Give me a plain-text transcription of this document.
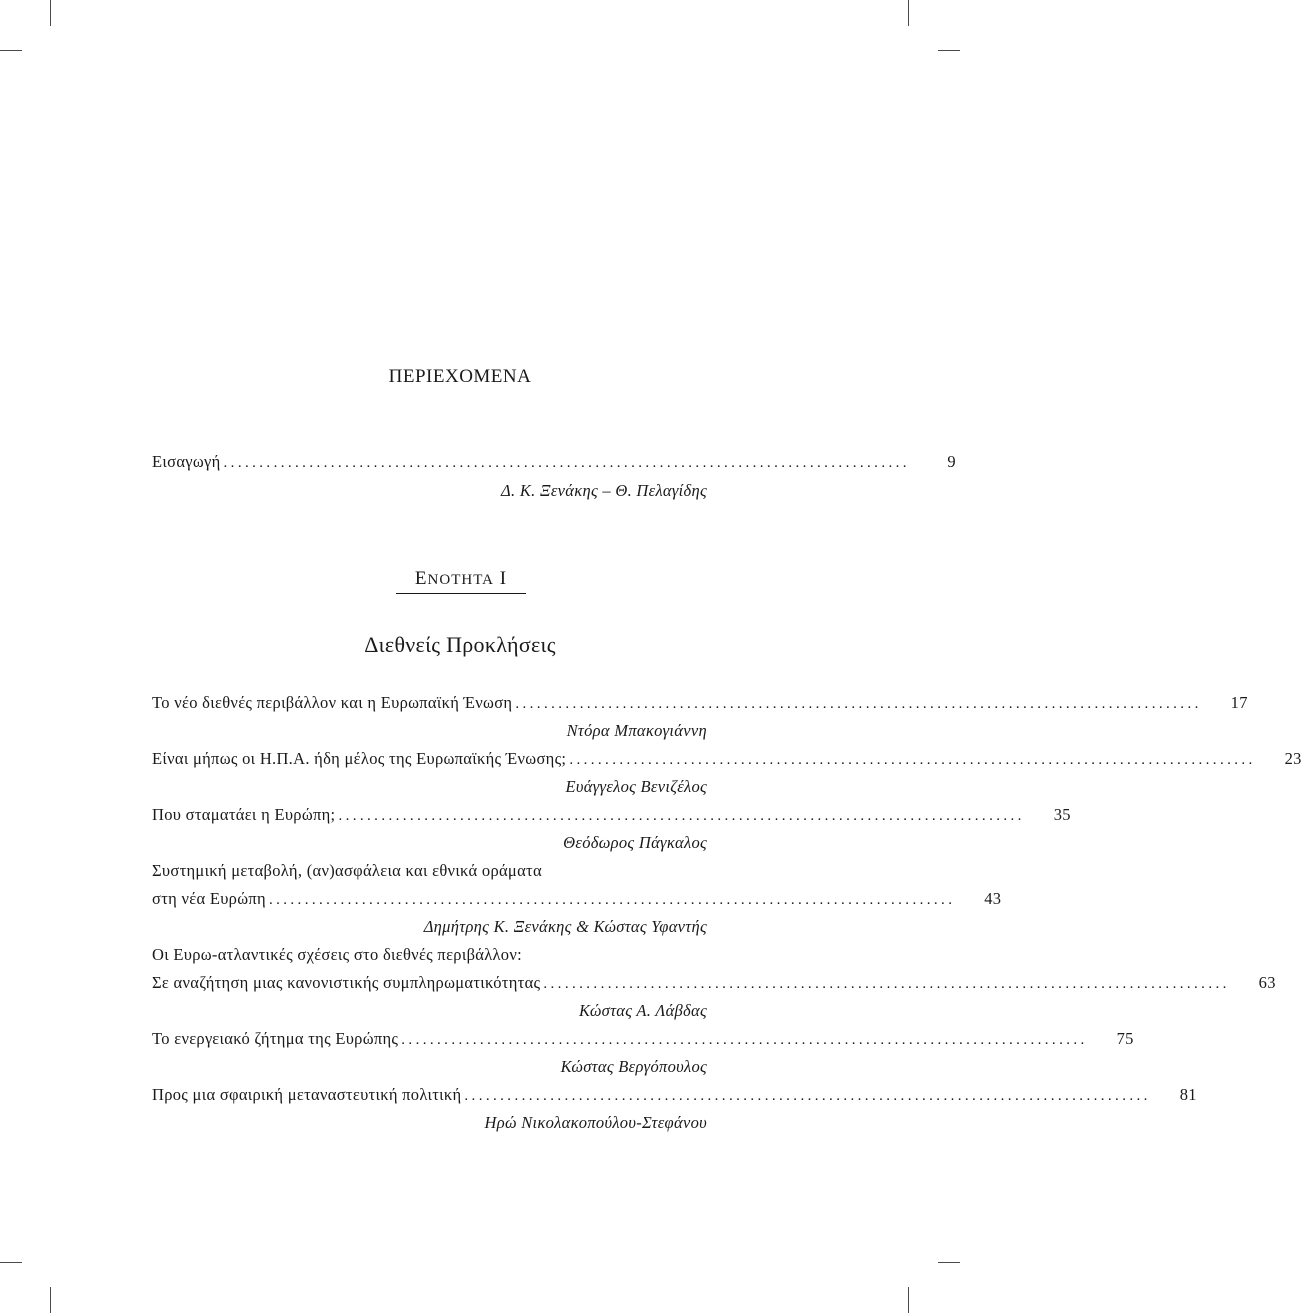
ΠΕΡΙΕΧΟΜΕΝΑ
Εισαγωγή ................................................................................................	9
Δ. Κ. Ξενάκης – Θ. Πελαγίδης
ΕΝΟΤΗΤΑ Ι
Διεθνείς Προκλήσεις
Το νέο διεθνές περιβάλλον και η Ευρωπαϊκή Ένωση ................................................................................................	17
Ντόρα Μπακογιάννη
Είναι μήπως οι Η.Π.Α. ήδη μέλος της Ευρωπαϊκής Ένωσης; ................................................................................................	23
Ευάγγελος Βενιζέλος
Που σταματάει η Ευρώπη; ................................................................................................	35
Θεόδωρος Πάγκαλος
Συστημική μεταβολή, (αν)ασφάλεια και εθνικά οράματα
στη νέα Ευρώπη ................................................................................................	43
Δημήτρης Κ. Ξενάκης & Κώστας Υφαντής
Οι Ευρω-ατλαντικές σχέσεις στο διεθνές περιβάλλον:
Σε αναζήτηση μιας κανονιστικής συμπληρωματικότητας ................................................................................................	63
Κώστας Α. Λάβδας
Το ενεργειακό ζήτημα της Ευρώπης ................................................................................................	75
Κώστας Βεργόπουλος
Προς μια σφαιρική μεταναστευτική πολιτική ................................................................................................	81
Ηρώ Νικολακοπούλου-Στεφάνου
